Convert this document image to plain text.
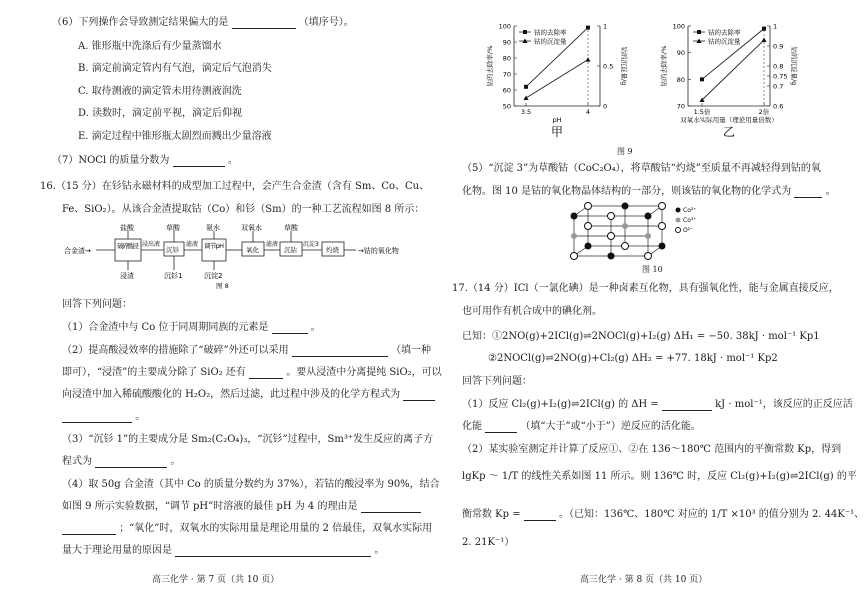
（6）下列操作会导致测定结果偏大的是	（填序号）。
A. 锥形瓶中洗涤后有少量蒸馏水
B. 滴定前滴定管内有气泡，滴定后气泡消失
C. 取待测液的滴定管未用待测液润洗
D. 读数时，滴定前平视，滴定后仰视
E. 滴定过程中锥形瓶太剧烈而溅出少量溶液
（7）NOCl 的质量分数为	。
16.（15 分）在钐钴永磁材料的成型加工过程中，会产生合金渣（含有 Sm、Co、Cu、
Fe、SiO₂）。从该合金渣提取钴（Co）和钐（Sm）的一种工艺流程如图 8 所示：
盐酸	草酸	氨水	双氧水	草酸
合金渣→
破碎酸浸	沉钐	调节pH	氧化	沉钴	灼烧
浸出液	滤液	滤液	沉淀3
→钴的氧化物
浸渣	沉钐1	沉淀2
图 8
回答下列问题：
（1）合金渣中与 Co 位于同周期同族的元素是	。
（2）提高酸浸效率的措施除了“破碎”外还可以采用	（填一种
即可），“浸渣”的主要成分除了 SiO₂ 还有	。要从浸渣中分离提纯 SiO₂，可以
向浸渣中加入稀硫酸酸化的 H₂O₂，然后过滤，此过程中涉及的化学方程式为
。
（3）“沉钐 1”的主要成分是 Sm₂(C₂O₄)₃，“沉钐”过程中，Sm³⁺发生反应的离子方
程式为	。
（4）取 50g 合金渣（其中 Co 的质量分数约为 37%），若钴的酸浸率为 90%，结合
如图 9 所示实验数据，“调节 pH”时溶液的最佳 pH 为 4 的理由是
；“氧化”时，双氧水的实际用量是理论用量的 2 倍最佳，双氧水实际用
量大于理论用量的原因是	。
高三化学 · 第 7 页（共 10 页）
50
60
70
80
90
100
0
0.5
1
3.5	4
钴的去除率/%	钴的沉淀量/g
pH
甲
钴的去除率
钴的沉淀量
70
80
90
100
0.6
0.7
0.75
0.8
0.9
1
1.5倍	2倍
钴的去除率/%	钴的沉淀量/g
双氧水实际用量（理论用量倍数）
乙
钴的去除率
钴的沉淀量
图 9
（5）“沉淀 3”为草酸钴（CoC₂O₄），将草酸钴“灼烧”至质量不再减轻得到钴的氧
化物。图 10 是钴的氧化物晶体结构的一部分，则该钴的氧化物的化学式为	。
Co²⁺
Co³⁺
O²⁻
图 10
17.（14 分）ICl（一氯化碘）是一种卤素互化物，具有强氧化性，能与金属直接反应，
也可用作有机合成中的碘化剂。
已知：①2NO(g)+2ICl(g)⇌2NOCl(g)+I₂(g) ΔH₁ = −50. 38kJ · mol⁻¹ Kp1
②2NOCl(g)⇌2NO(g)+Cl₂(g) ΔH₂ = +77. 18kJ · mol⁻¹ Kp2
回答下列问题：
（1）反应 Cl₂(g)+I₂(g)⇌2ICl(g) 的 ΔH =	kJ · mol⁻¹，该反应的正反应活
化能	（填“大于”或“小于”）逆反应的活化能。
（2）某实验室测定并计算了反应①、②在 136～180℃ 范围内的平衡常数 Kp，得到
lgKp ～ 1/T 的线性关系如图 11 所示。则 136℃ 时，反应 Cl₂(g)+I₂(g)⇌2ICl(g) 的平
衡常数 Kp =	。（已知：136℃、180℃ 对应的 1/T ×10³ 的值分别为 2. 44K⁻¹、
2. 21K⁻¹）
高三化学 · 第 8 页（共 10 页）
